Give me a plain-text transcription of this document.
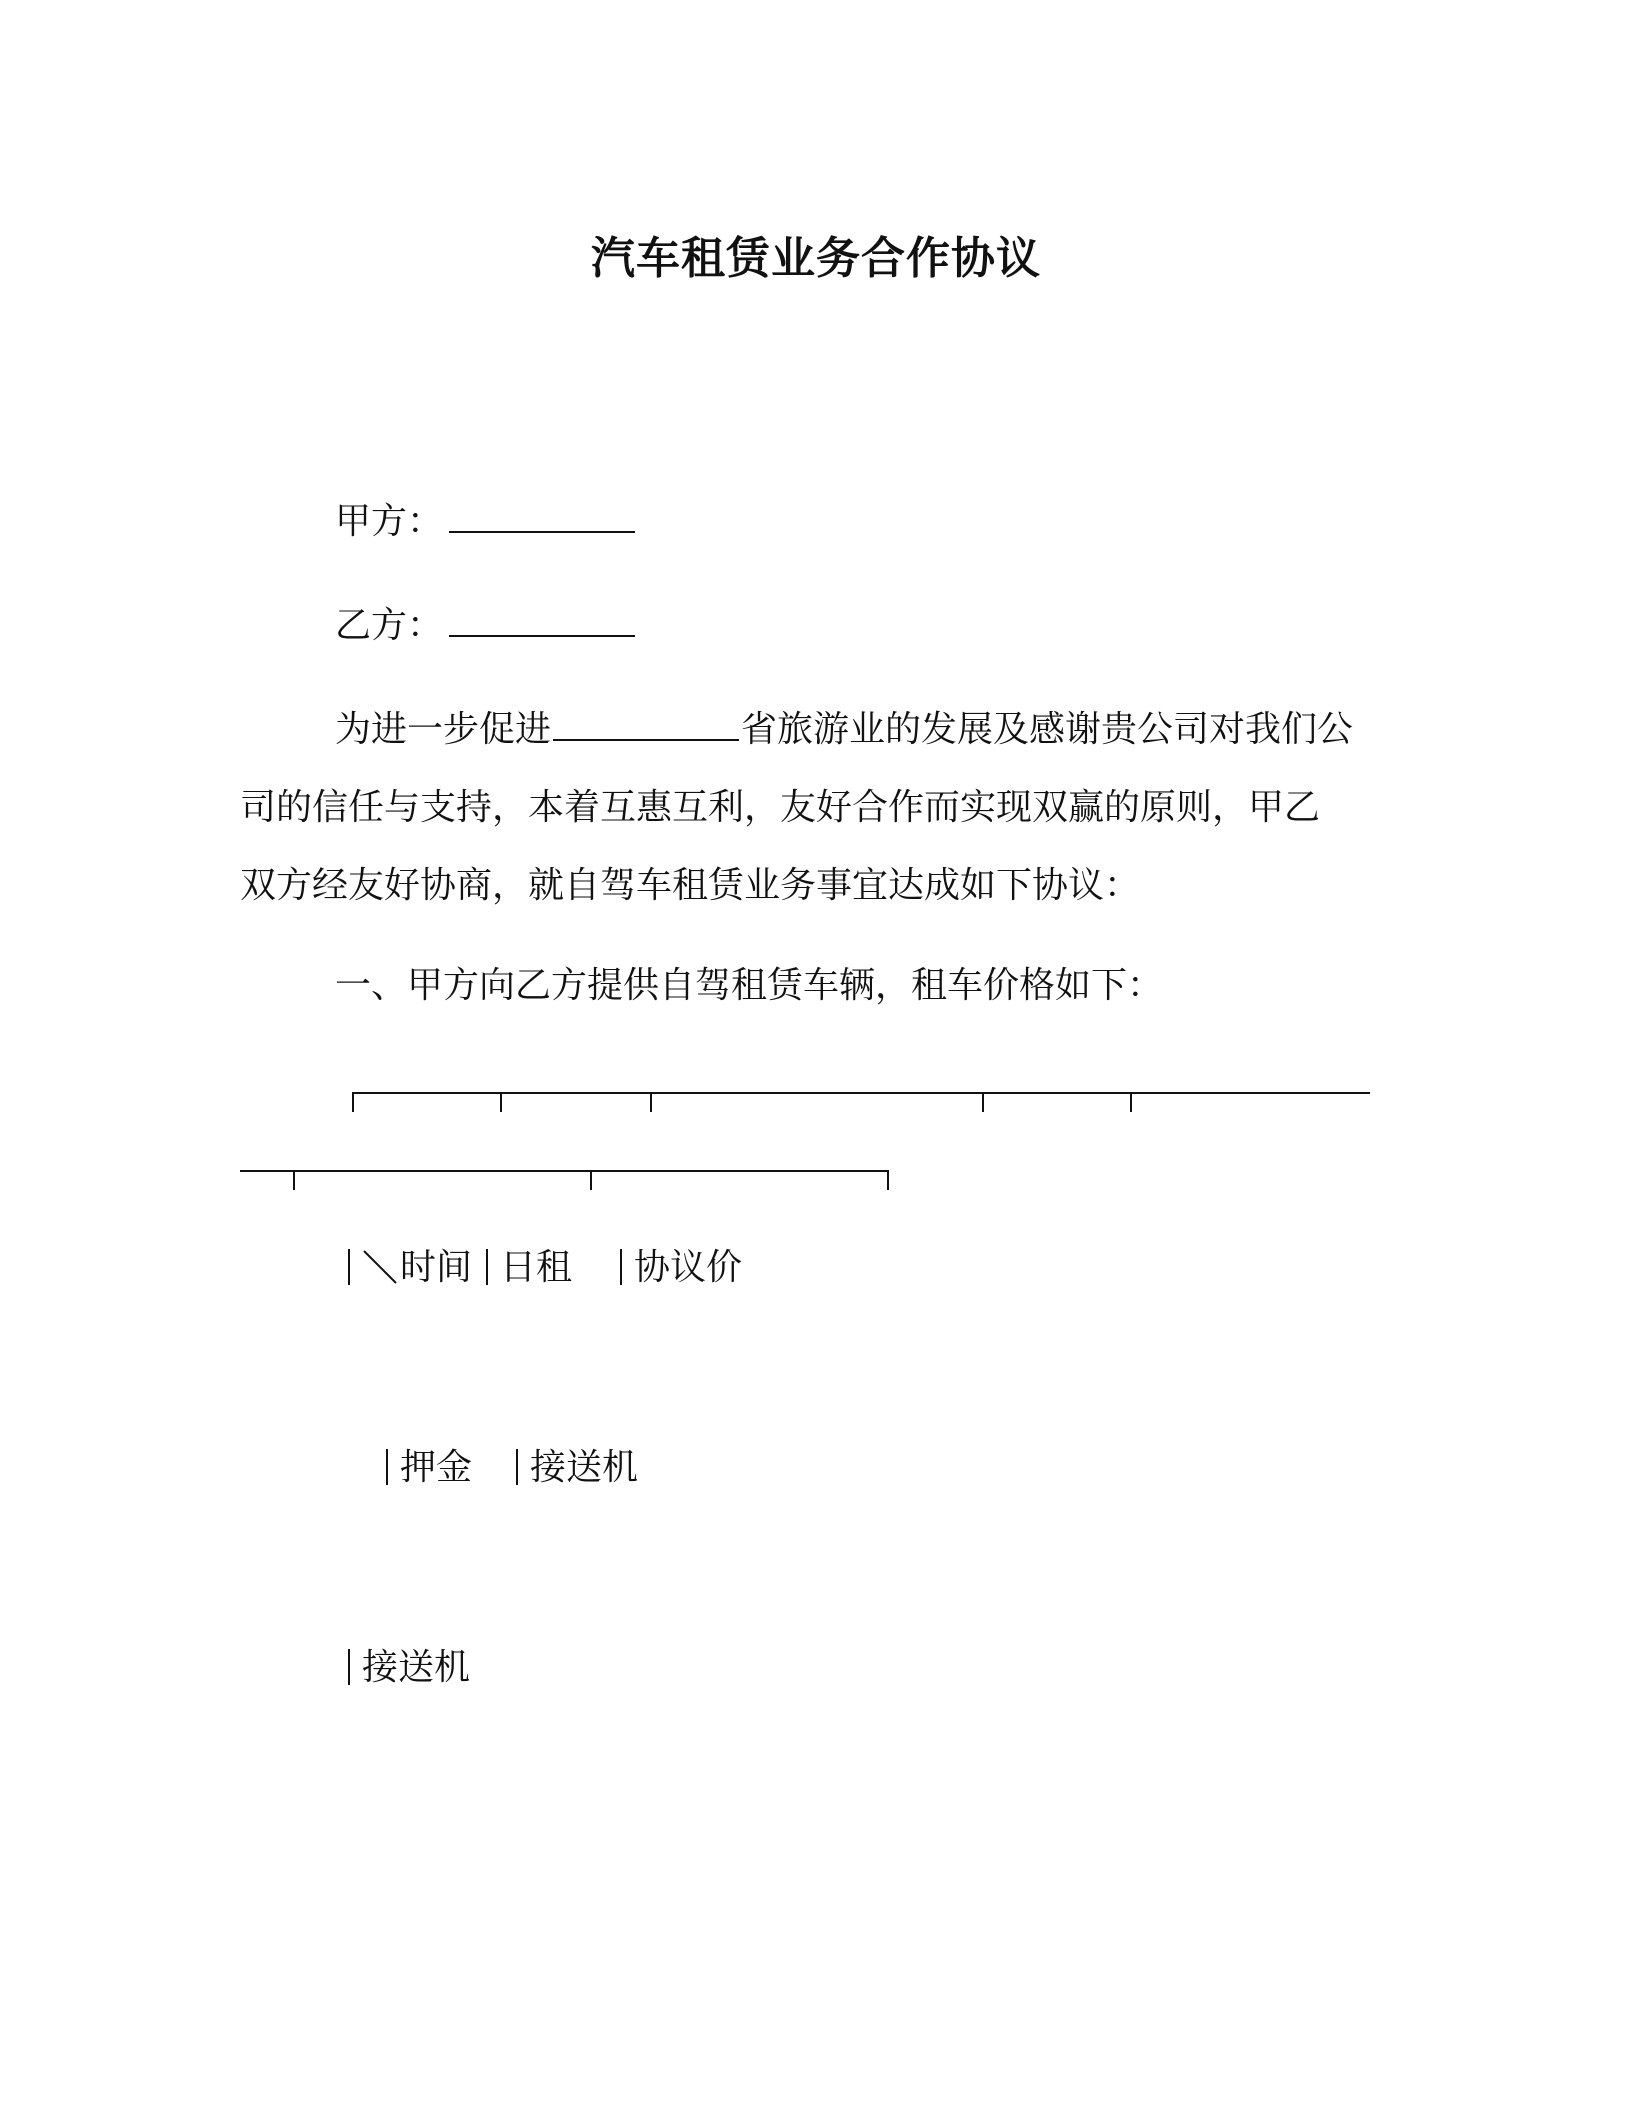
汽车租赁业务合作协议
甲方：
乙方：
为进一步促进	省旅游业的发展及感谢贵公司对我们公
司的信任与支持，本着互惠互利，友好合作而实现双赢的原则，甲乙
双方经友好协商，就自驾车租赁业务事宜达成如下协议：
一、甲方向乙方提供自驾租赁车辆，租车价格如下：
时间 日租 协议价
押金 接送机
接送机
